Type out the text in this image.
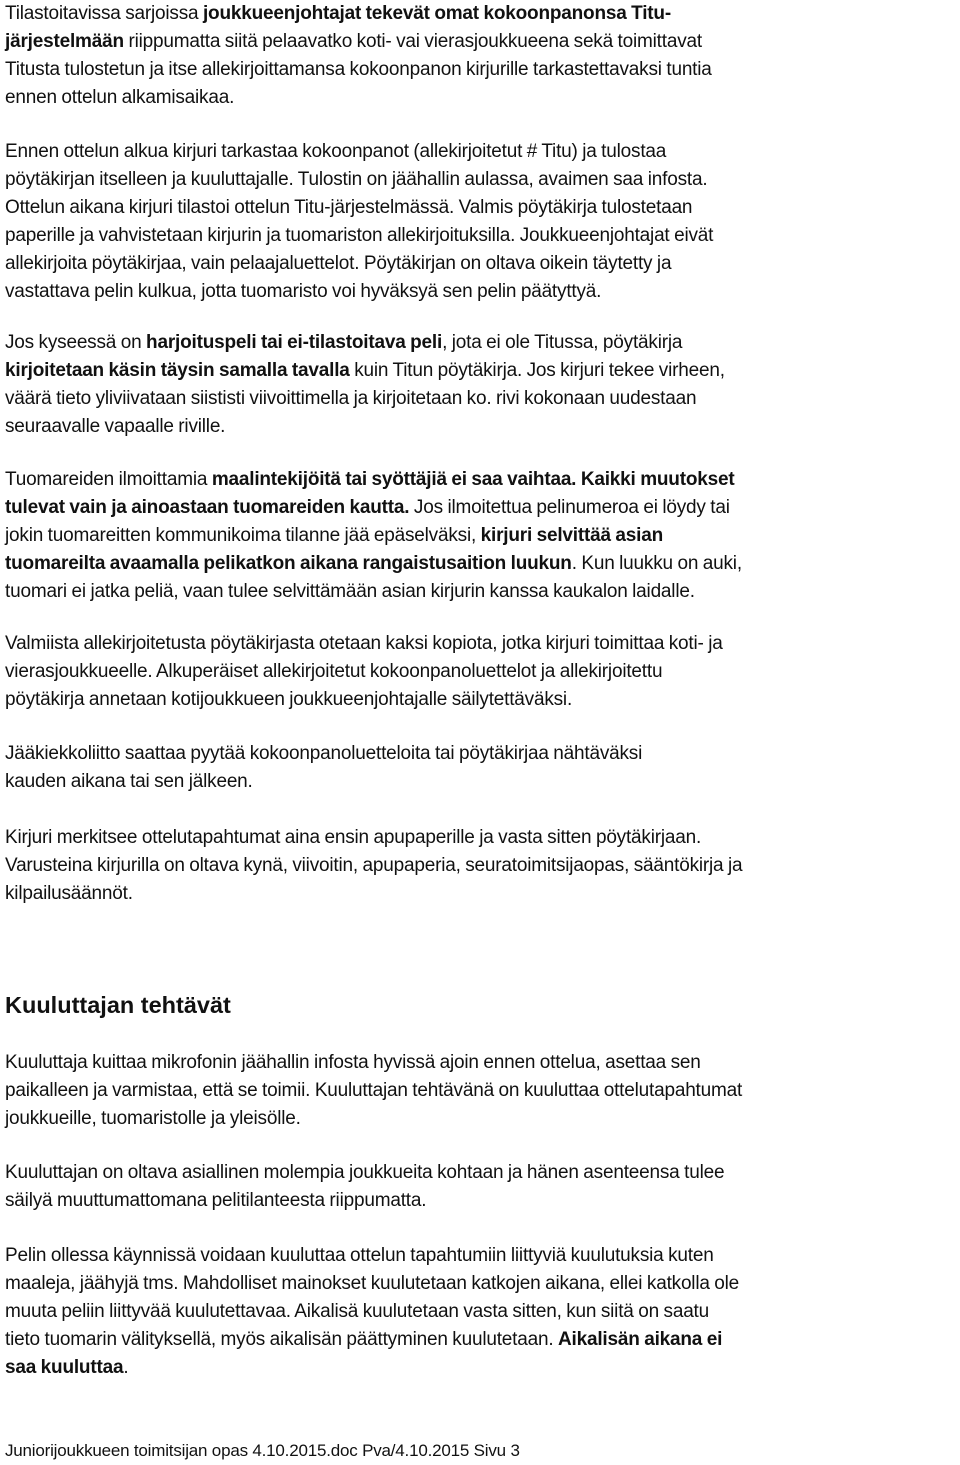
Tilastoitavissa sarjoissa joukkueenjohtajat tekevät omat kokoonpanonsa Titu-
järjestelmään riippumatta siitä pelaavatko koti- vai vierasjoukkueena sekä toimittavat
Titusta tulostetun ja itse allekirjoittamansa kokoonpanon kirjurille tarkastettavaksi tuntia
ennen ottelun alkamisaikaa.

Ennen ottelun alkua kirjuri tarkastaa kokoonpanot (allekirjoitetut # Titu) ja tulostaa
pöytäkirjan itselleen ja kuuluttajalle. Tulostin on jäähallin aulassa, avaimen saa infosta.
Ottelun aikana kirjuri tilastoi ottelun Titu-järjestelmässä. Valmis pöytäkirja tulostetaan
paperille ja vahvistetaan kirjurin ja tuomariston allekirjoituksilla. Joukkueenjohtajat eivät
allekirjoita pöytäkirjaa, vain pelaajaluettelot. Pöytäkirjan on oltava oikein täytetty ja
vastattava pelin kulkua, jotta tuomaristo voi hyväksyä sen pelin päätyttyä.

Jos kyseessä on harjoituspeli tai ei-tilastoitava peli, jota ei ole Titussa, pöytäkirja
kirjoitetaan käsin täysin samalla tavalla kuin Titun pöytäkirja. Jos kirjuri tekee virheen,
väärä tieto yliviivataan siististi viivoittimella ja kirjoitetaan ko. rivi kokonaan uudestaan
seuraavalle vapaalle riville.

Tuomareiden ilmoittamia maalintekijöitä tai syöttäjiä ei saa vaihtaa. Kaikki muutokset
tulevat vain ja ainoastaan tuomareiden kautta. Jos ilmoitettua pelinumeroa ei löydy tai
jokin tuomareitten kommunikoima tilanne jää epäselväksi, kirjuri selvittää asian
tuomareilta avaamalla pelikatkon aikana rangaistusaition luukun. Kun luukku on auki,
tuomari ei jatka peliä, vaan tulee selvittämään asian kirjurin kanssa kaukalon laidalle.

Valmiista allekirjoitetusta pöytäkirjasta otetaan kaksi kopiota, jotka kirjuri toimittaa koti- ja
vierasjoukkueelle. Alkuperäiset allekirjoitetut kokoonpanoluettelot ja allekirjoitettu
pöytäkirja annetaan kotijoukkueen joukkueenjohtajalle säilytettäväksi.

Jääkiekkoliitto saattaa pyytää kokoonpanoluetteloita tai pöytäkirjaa nähtäväksi
kauden aikana tai sen jälkeen.

Kirjuri merkitsee ottelutapahtumat aina ensin apupaperille ja vasta sitten pöytäkirjaan.
Varusteina kirjurilla on oltava kynä, viivoitin, apupaperia, seuratoimitsijaopas, sääntökirja ja
kilpailusäännöt.

Kuuluttajan tehtävät

Kuuluttaja kuittaa mikrofonin jäähallin infosta hyvissä ajoin ennen ottelua, asettaa sen
paikalleen ja varmistaa, että se toimii. Kuuluttajan tehtävänä on kuuluttaa ottelutapahtumat
joukkueille, tuomaristolle ja yleisölle.

Kuuluttajan on oltava asiallinen molempia joukkueita kohtaan ja hänen asenteensa tulee
säilyä muuttumattomana pelitilanteesta riippumatta.

Pelin ollessa käynnissä voidaan kuuluttaa ottelun tapahtumiin liittyviä kuulutuksia kuten
maaleja, jäähyjä tms. Mahdolliset mainokset kuulutetaan katkojen aikana, ellei katkolla ole
muuta peliin liittyvää kuulutettavaa. Aikalisä kuulutetaan vasta sitten, kun siitä on saatu
tieto tuomarin välityksellä, myös aikalisän päättyminen kuulutetaan. Aikalisän aikana ei
saa kuuluttaa.

Juniorijoukkueen toimitsijan opas 4.10.2015.doc Pva/4.10.2015 Sivu 3
